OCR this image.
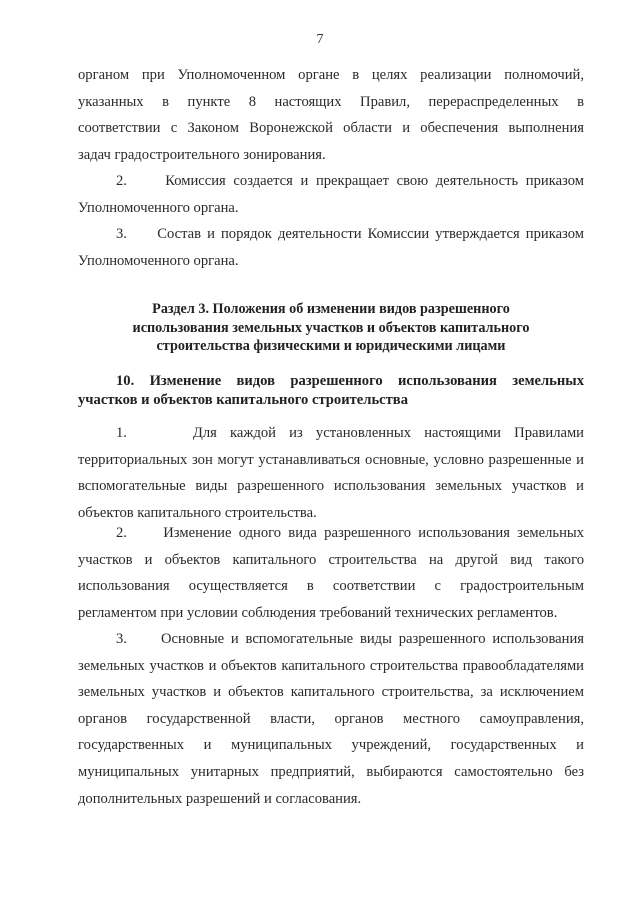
7
органом при Уполномоченном органе в целях реализации полномочий,
указанных в пункте 8 настоящих Правил, перераспределенных в
соответствии с Законом Воронежской области и обеспечения выполнения
задач градостроительного зонирования.
2.     Комиссия создается и прекращает свою деятельность приказом Уполномоченного органа.
3.     Состав и порядок деятельности Комиссии утверждается приказом Уполномоченного органа.
Раздел 3. Положения об изменении видов разрешенного
использования земельных участков и объектов капитального
строительства физическими и юридическими лицами
10. Изменение видов разрешенного использования земельных участков и объектов капитального строительства
1.     Для каждой из установленных настоящими Правилами территориальных зон могут устанавливаться основные, условно разрешенные и вспомогательные виды разрешенного использования земельных участков и объектов капитального строительства.
2.     Изменение одного вида разрешенного использования земельных участков и объектов капитального строительства на другой вид такого использования осуществляется в соответствии с градостроительным регламентом при условии соблюдения требований технических регламентов.
3.     Основные и вспомогательные виды разрешенного использования земельных участков и объектов капитального строительства правообладателями земельных участков и объектов капитального строительства, за исключением органов государственной власти, органов местного самоуправления, государственных и муниципальных учреждений, государственных и муниципальных унитарных предприятий, выбираются самостоятельно без дополнительных разрешений и согласования.
